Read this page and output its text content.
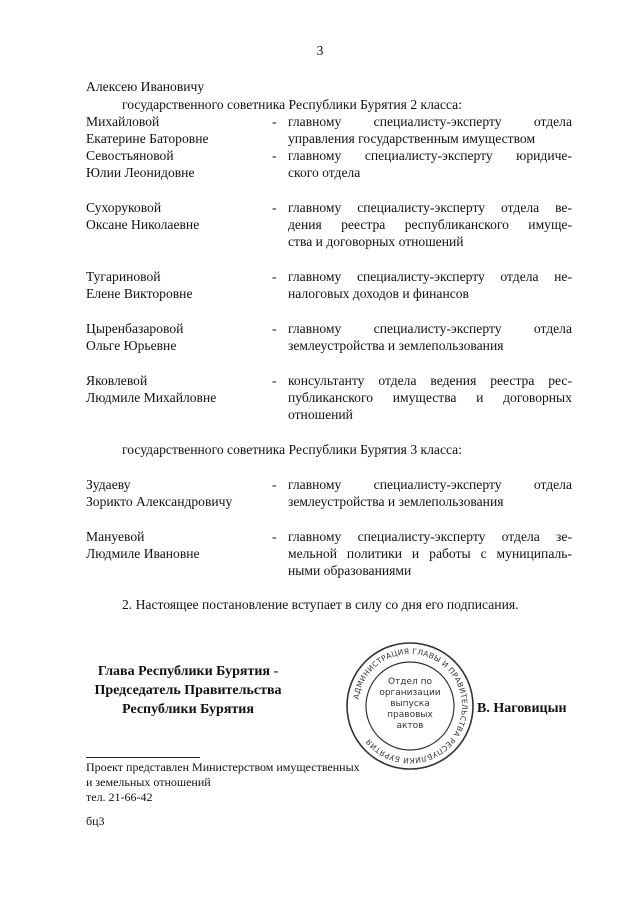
3
Алексею Ивановичу
государственного советника Республики Бурятия 2 класса:
Михайловой
Екатерине Баторовне
- главному специалисту-эксперту отдела
управления государственным имуществом
Севостьяновой
Юлии Леонидовне
- главному специалисту-эксперту юридиче-
ского отдела
Сухоруковой
Оксане Николаевне
- главному специалисту-эксперту отдела ве-
дения реестра республиканского имуще-
ства и договорных отношений
Тугариновой
Елене Викторовне
- главному специалисту-эксперту отдела не-
налоговых доходов и финансов
Цыренбазаровой
Ольге Юрьевне
- главному специалисту-эксперту отдела
землеустройства и землепользования
Яковлевой
Людмиле Михайловне
- консультанту отдела ведения реестра рес-
публиканского имущества и договорных
отношений
государственного советника Республики Бурятия 3 класса:
Зудаеву
Зорикто Александровичу
- главному специалисту-эксперту отдела
землеустройства и землепользования
Мануевой
Людмиле Ивановне
- главному специалисту-эксперту отдела зе-
мельной политики и работы с муниципаль-
ными образованиями
2. Настоящее постановление вступает в силу со дня его подписания.
Глава Республики Бурятия -
Председатель Правительства
Республики Бурятия
АДМИНИСТРАЦИЯ ГЛАВЫ И ПРАВИТЕЛЬСТВА РЕСПУБЛИКИ БУРЯТИЯ
Отдел по
организации
выпуска
правовых
актов
В. Наговицын
Проект представлен Министерством имущественных
и земельных отношений
тел. 21-66-42
бц3
